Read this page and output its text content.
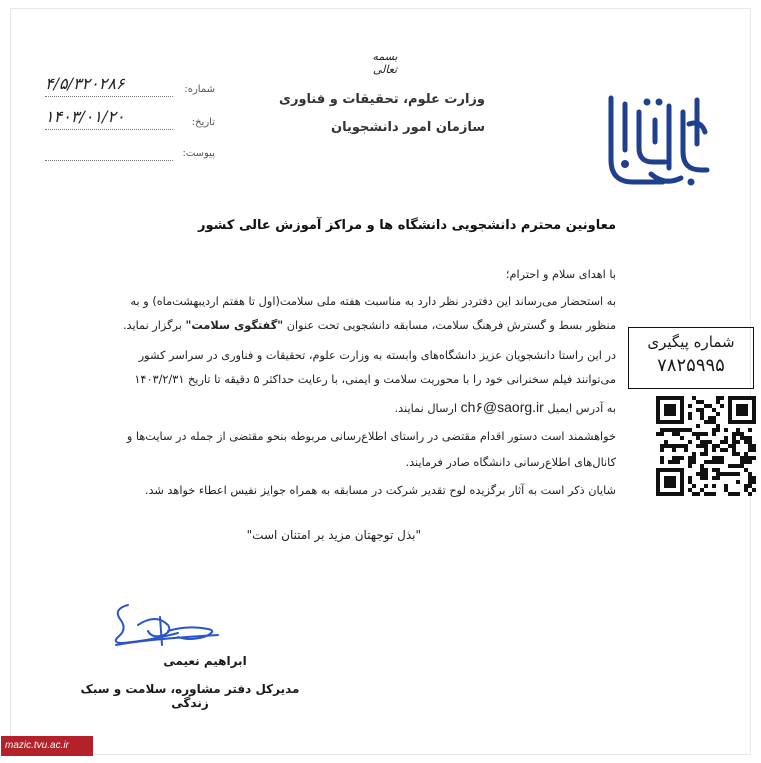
بسمه تعالی
وزارت علوم، تحقیقات و فناوری
سازمان امور دانشجویان
شماره:
۴/۵/۳۲۰۲۸۶
تاریخ:
۱۴۰۳/۰۱/۲۰
پیوست:
شماره پیگیری
۷۸۲۵۹۹۵
معاونین محترم دانشجویی دانشگاه ها و مراکز آموزش عالی کشور
با اهدای سلام و احترام؛
به استحضار می‌رساند این دفتردر نظر دارد به مناسبت هفته ملی سلامت(اول تا هفتم اردیبهشت‌ماه) و به
منظور بسط و گسترش فرهنگ سلامت، مسابقه دانشجویی تحت عنوان "گفتگوی سلامت" برگزار نماید.
در این راستا دانشجویان عزیز دانشگاه‌های وابسته به وزارت علوم، تحقیقات و فناوری در سراسر کشور
می‌توانند فیلم سخنرانی خود را با محوریت سلامت و ایمنی، با رعایت حداکثر ۵ دقیقه تا تاریخ ۱۴۰۳/۲/۳۱
به آدرس ایمیل ch۶@saorg.ir ارسال نمایند.
خواهشمند است دستور اقدام مقتضی در راستای اطلاع‌رسانی مربوطه بنحو مقتضی از جمله در سایت‌ها و
کانال‌های اطلاع‌رسانی دانشگاه صادر فرمایند.
شایان ذکر است به آثار برگزیده لوح تقدیر شرکت در مسابقه به همراه جوایز نفیس اعطاء خواهد شد.
"بذل توجهتان مزید بر امتنان است"
ابراهیم نعیمی
مدیرکل دفتر مشاوره، سلامت و سبک زندگی
mazic.tvu.ac.ir
